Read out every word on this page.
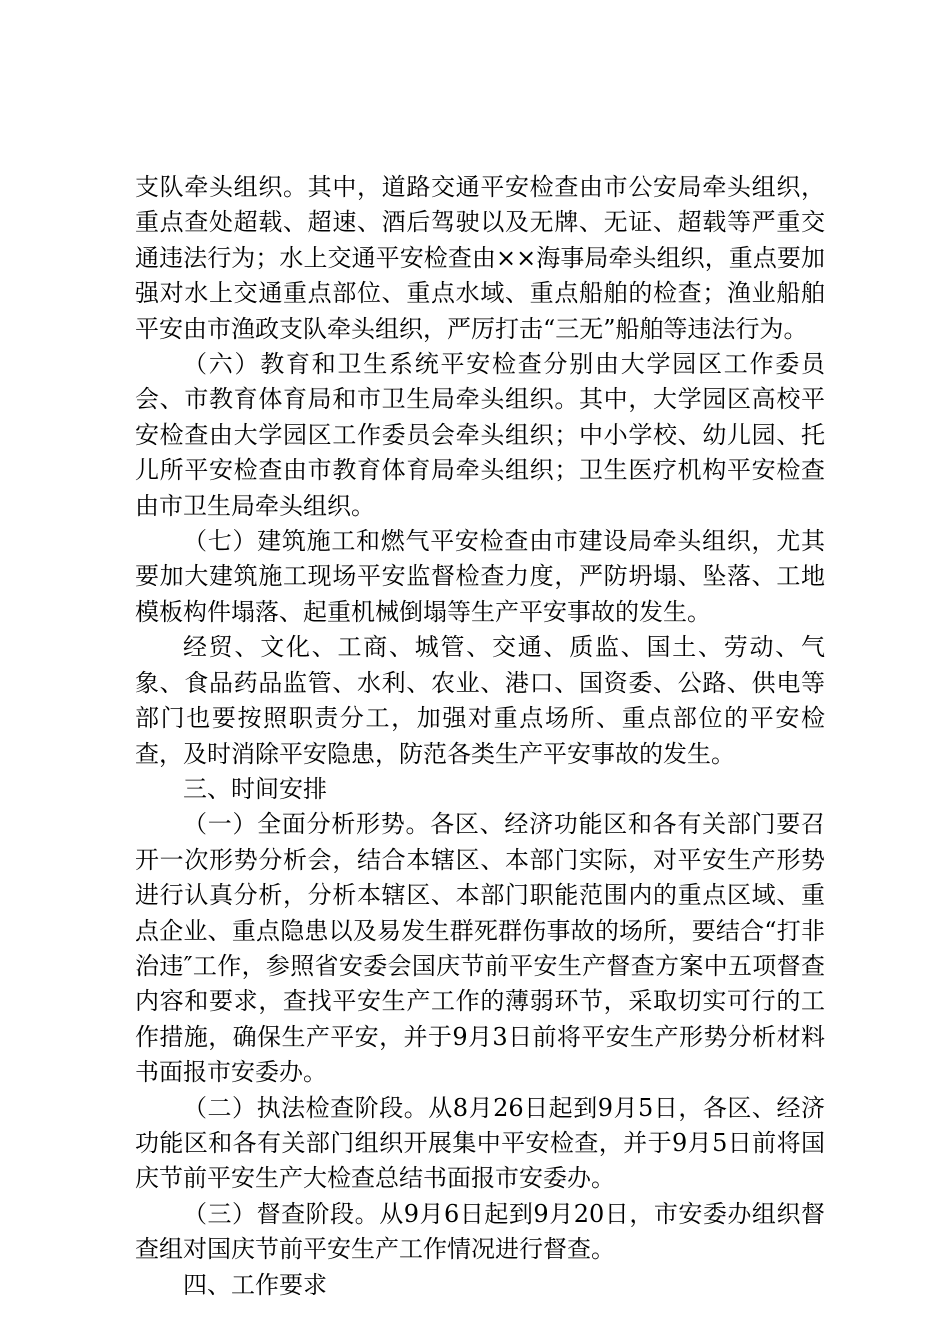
支队牵头组织。其中，道路交通平安检查由市公安局牵头组织，重点查处超载、超速、酒后驾驶以及无牌、无证、超载等严重交通违法行为；水上交通平安检查由××海事局牵头组织，重点要加强对水上交通重点部位、重点水域、重点船舶的检查；渔业船舶平安由市渔政支队牵头组织，严厉打击“三无”船舶等违法行为。

（六）教育和卫生系统平安检查分别由大学园区工作委员会、市教育体育局和市卫生局牵头组织。其中，大学园区高校平安检查由大学园区工作委员会牵头组织；中小学校、幼儿园、托儿所平安检查由市教育体育局牵头组织；卫生医疗机构平安检查由市卫生局牵头组织。

（七）建筑施工和燃气平安检查由市建设局牵头组织，尤其要加大建筑施工现场平安监督检查力度，严防坍塌、坠落、工地模板构件塌落、起重机械倒塌等生产平安事故的发生。

经贸、文化、工商、城管、交通、质监、国土、劳动、气象、食品药品监管、水利、农业、港口、国资委、公路、供电等部门也要按照职责分工，加强对重点场所、重点部位的平安检查，及时消除平安隐患，防范各类生产平安事故的发生。

三、时间安排

（一）全面分析形势。各区、经济功能区和各有关部门要召开一次形势分析会，结合本辖区、本部门实际，对平安生产形势进行认真分析，分析本辖区、本部门职能范围内的重点区域、重点企业、重点隐患以及易发生群死群伤事故的场所，要结合“打非治违″工作，参照省安委会国庆节前平安生产督查方案中五项督查内容和要求，查找平安生产工作的薄弱环节，采取切实可行的工作措施，确保生产平安，并于9月3日前将平安生产形势分析材料书面报市安委办。

（二）执法检查阶段。从8月26日起到9月5日，各区、经济功能区和各有关部门组织开展集中平安检查，并于9月5日前将国庆节前平安生产大检查总结书面报市安委办。

（三）督查阶段。从9月6日起到9月20日，市安委办组织督查组对国庆节前平安生产工作情况进行督查。

四、工作要求
